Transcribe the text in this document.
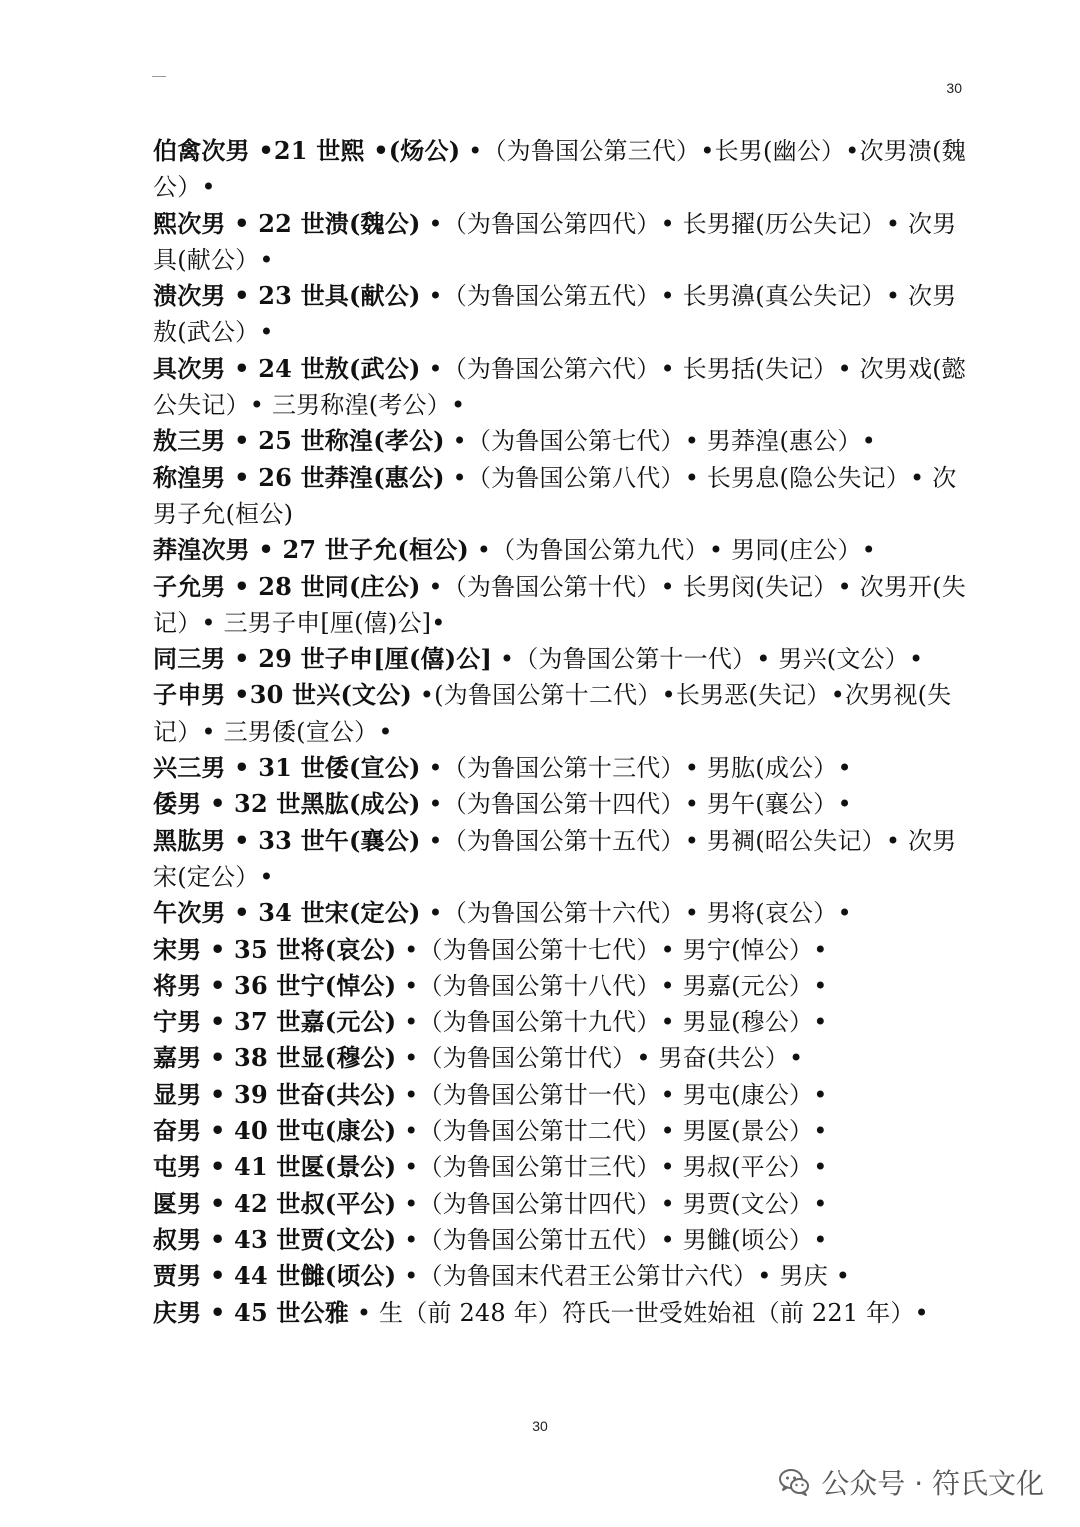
30
伯禽次男 •21 世熙 •(炀公) •（为鲁国公第三代）•长男(幽公）•次男溃(魏公）•
熙次男 • 22 世溃(魏公) •（为鲁国公第四代）• 长男擢(历公失记）• 次男具(献公）•
溃次男 • 23 世具(献公) •（为鲁国公第五代）• 长男濞(真公失记）• 次男敖(武公）•
具次男 • 24 世敖(武公) •（为鲁国公第六代）• 长男括(失记）• 次男戏(懿公失记）• 三男称湟(考公）•
敖三男 • 25 世称湟(孝公) •（为鲁国公第七代）• 男莽湟(惠公）•
称湟男 • 26 世莽湟(惠公) •（为鲁国公第八代）• 长男息(隐公失记）• 次男子允(桓公)
莽湟次男 • 27 世子允(桓公) •（为鲁国公第九代）• 男同(庄公）•
子允男 • 28 世同(庄公) •（为鲁国公第十代）• 长男闵(失记）• 次男开(失记）• 三男子申[厘(僖)公]•
同三男 • 29 世子申[厘(僖)公] •（为鲁国公第十一代）• 男兴(文公）•
子申男 •30 世兴(文公) •(为鲁国公第十二代）•长男恶(失记）•次男视(失记）• 三男倭(宣公）•
兴三男 • 31 世倭(宣公) •（为鲁国公第十三代）• 男肱(成公）•
倭男 • 32 世黑肱(成公) •（为鲁国公第十四代）• 男午(襄公）•
黑肱男 • 33 世午(襄公) •（为鲁国公第十五代）• 男裯(昭公失记）• 次男宋(定公）•
午次男 • 34 世宋(定公) •（为鲁国公第十六代）• 男将(哀公）•
宋男 • 35 世将(哀公) •（为鲁国公第十七代）• 男宁(悼公）•
将男 • 36 世宁(悼公) •（为鲁国公第十八代）• 男嘉(元公）•
宁男 • 37 世嘉(元公) •（为鲁国公第十九代）• 男显(穆公）•
嘉男 • 38 世显(穆公) •（为鲁国公第廿代）• 男奋(共公）•
显男 • 39 世奋(共公) •（为鲁国公第廿一代）• 男屯(康公）•
奋男 • 40 世屯(康公) •（为鲁国公第廿二代）• 男匽(景公）•
屯男 • 41 世匽(景公) •（为鲁国公第廿三代）• 男叔(平公）•
匽男 • 42 世叔(平公) •（为鲁国公第廿四代）• 男贾(文公）•
叔男 • 43 世贾(文公) •（为鲁国公第廿五代）• 男雠(顷公）•
贾男 • 44 世雠(顷公) •（为鲁国末代君王公第廿六代）• 男庆 •
庆男 • 45 世公雅 • 生（前 248 年）符氏一世受姓始祖（前 221 年）•
30
公众号 · 符氏文化
